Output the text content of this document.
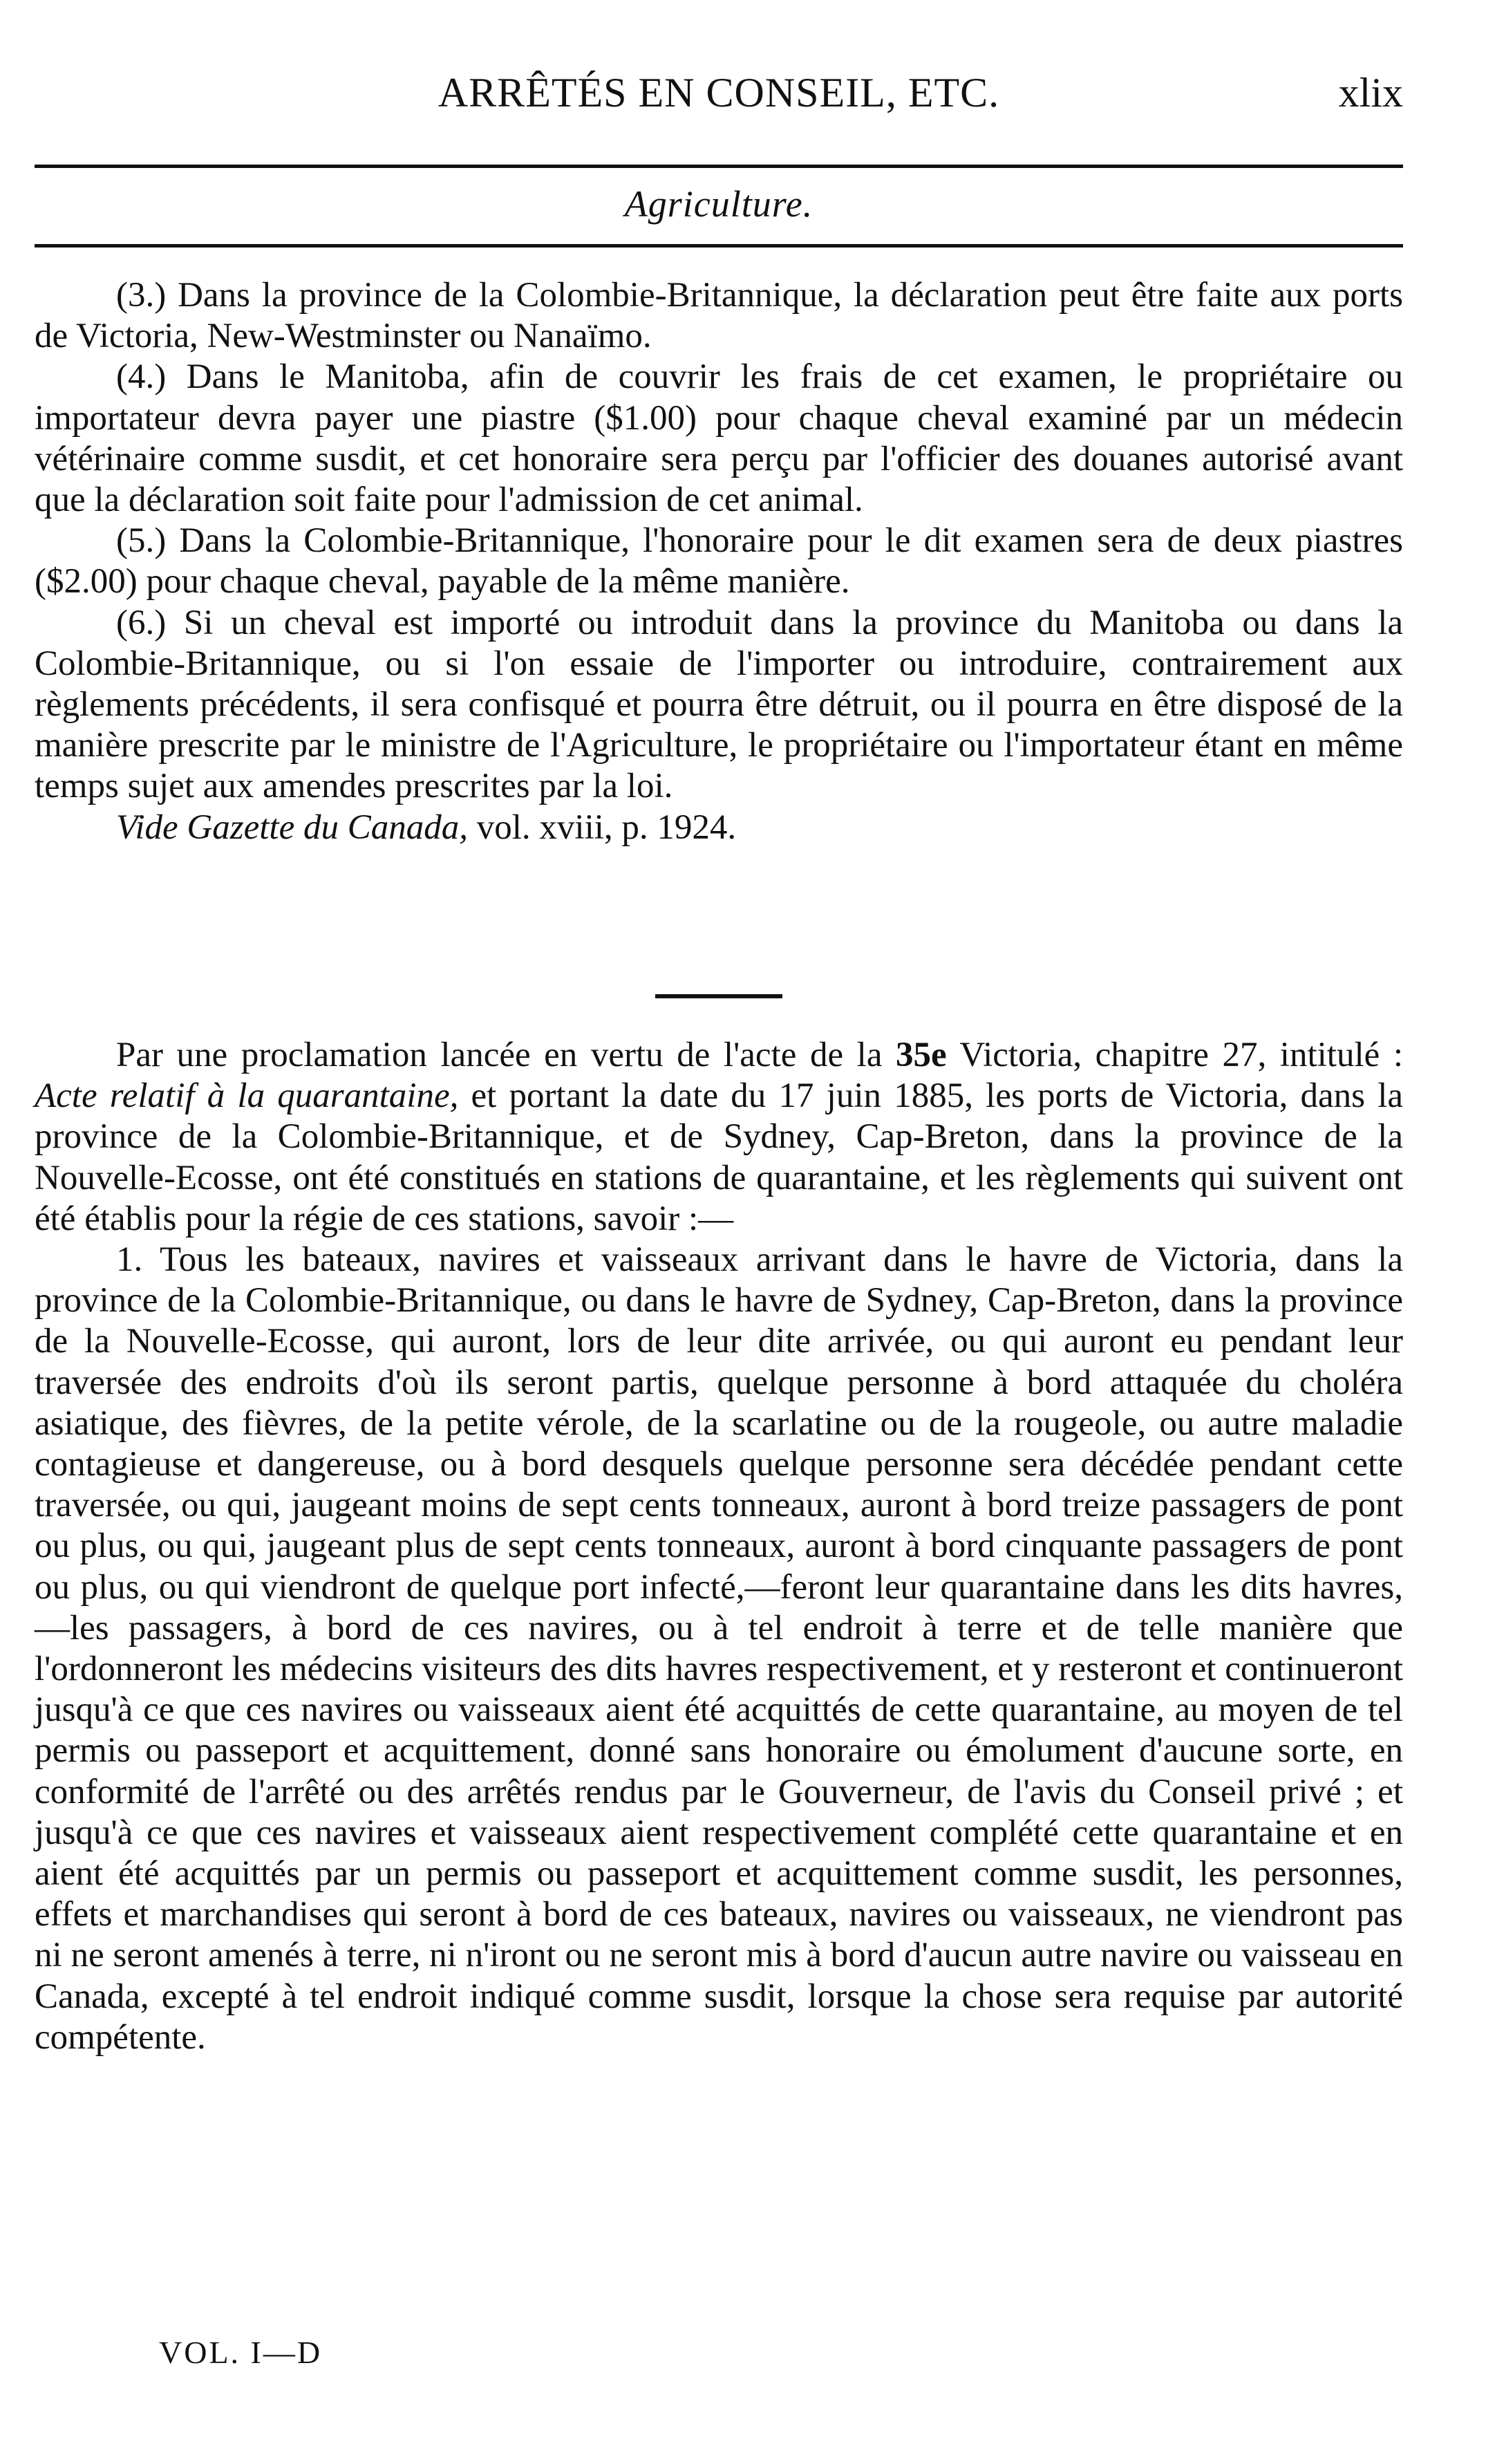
ARRÊTÉS EN CONSEIL, ETC.	xlix
Agriculture.

(3.) Dans la province de la Colombie-Britannique, la déclaration peut être faite aux ports de Victoria, New-Westminster ou Nanaïmo.

(4.) Dans le Manitoba, afin de couvrir les frais de cet examen, le propriétaire ou importateur devra payer une piastre ($1.00) pour chaque cheval examiné par un médecin vétérinaire comme susdit, et cet honoraire sera perçu par l'officier des douanes autorisé avant que la déclaration soit faite pour l'admission de cet animal.

(5.) Dans la Colombie-Britannique, l'honoraire pour le dit examen sera de deux piastres ($2.00) pour chaque cheval, payable de la même manière.

(6.) Si un cheval est importé ou introduit dans la province du Manitoba ou dans la Colombie-Britannique, ou si l'on essaie de l'importer ou introduire, contrairement aux règlements précédents, il sera confisqué et pourra être détruit, ou il pourra en être disposé de la manière prescrite par le ministre de l'Agriculture, le propriétaire ou l'importateur étant en même temps sujet aux amendes prescrites par la loi.

Vide Gazette du Canada, vol. xviii, p. 1924.

Par une proclamation lancée en vertu de l'acte de la 35e Victoria, chapitre 27, intitulé : Acte relatif à la quarantaine, et portant la date du 17 juin 1885, les ports de Victoria, dans la province de la Colombie-Britannique, et de Sydney, Cap-Breton, dans la province de la Nouvelle-Ecosse, ont été constitués en stations de quarantaine, et les règlements qui suivent ont été établis pour la régie de ces stations, savoir :—

1. Tous les bateaux, navires et vaisseaux arrivant dans le havre de Victoria, dans la province de la Colombie-Britannique, ou dans le havre de Sydney, Cap-Breton, dans la province de la Nouvelle-Ecosse, qui auront, lors de leur dite arrivée, ou qui auront eu pendant leur traversée des endroits d'où ils seront partis, quelque personne à bord attaquée du choléra asiatique, des fièvres, de la petite vérole, de la scarlatine ou de la rougeole, ou autre maladie contagieuse et dangereuse, ou à bord desquels quelque personne sera décédée pendant cette traversée, ou qui, jaugeant moins de sept cents tonneaux, auront à bord treize passagers de pont ou plus, ou qui, jaugeant plus de sept cents tonneaux, auront à bord cinquante passagers de pont ou plus, ou qui viendront de quelque port infecté,—feront leur quarantaine dans les dits havres,—les passagers, à bord de ces navires, ou à tel endroit à terre et de telle manière que l'ordonneront les médecins visiteurs des dits havres respectivement, et y resteront et continueront jusqu'à ce que ces navires ou vaisseaux aient été acquittés de cette quarantaine, au moyen de tel permis ou passeport et acquittement, donné sans honoraire ou émolument d'aucune sorte, en conformité de l'arrêté ou des arrêtés rendus par le Gouverneur, de l'avis du Conseil privé ; et jusqu'à ce que ces navires et vaisseaux aient respectivement complété cette quarantaine et en aient été acquittés par un permis ou passeport et acquittement comme susdit, les personnes, effets et marchandises qui seront à bord de ces bateaux, navires ou vaisseaux, ne viendront pas ni ne seront amenés à terre, ni n'iront ou ne seront mis à bord d'aucun autre navire ou vaisseau en Canada, excepté à tel endroit indiqué comme susdit, lorsque la chose sera requise par autorité compétente.

VOL. I—D
